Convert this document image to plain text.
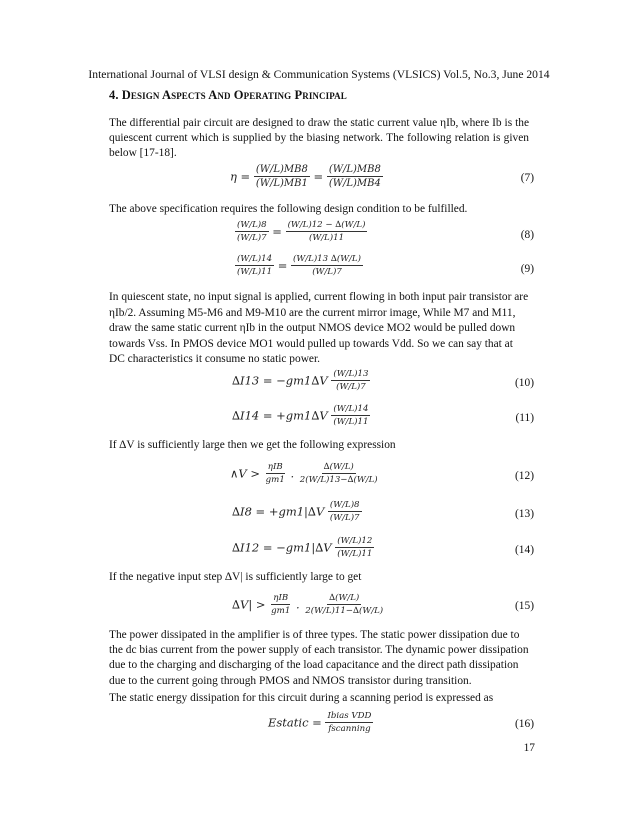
International Journal of VLSI design & Communication Systems (VLSICS) Vol.5, No.3, June 2014
4. Design Aspects And Operating Principal

The differential pair circuit are designed to draw the static current value ηIb, where Ib is the quiescent current which is supplied by the biasing network. The following relation is given below [17-18].

$\eta = \frac{(W/L)MB8}{(W/L)MB1} = \frac{(W/L)MB8}{(W/L)MB4}$	(7)

The above specification requires the following design condition to be fulfilled.

$\frac{(W/L)8}{(W/L)7} = \frac{(W/L)12 - \Delta(W/L)}{(W/L)11}$	(8)
$\frac{(W/L)14}{(W/L)11} = \frac{(W/L)13 \Delta(W/L)}{(W/L)7}$	(9)

In quiescent state, no input signal is applied, current flowing in both input pair transistor are ηIb/2. Assuming M5-M6 and M9-M10 are the current mirror image, While M7 and M11, draw the same static current ηIb in the output NMOS device MO2 would be pulled down towards Vss. In PMOS device MO1 would pulled up towards Vdd. So we can say that at DC characteristics it consume no static power.

$\Delta I13 = -gm1\Delta V \frac{(W/L)13}{(W/L)7}$	(10)
$\Delta I14 = +gm1\Delta V \frac{(W/L)14}{(W/L)11}$	(11)

If ∆V is sufficiently large then we get the following expression

∧V > $\frac{\text{ηIB}}{gm1}$ . $\frac{\Delta(W/L)}{2(W/L)13-\Delta(W/L)}$	(12)
$\Delta I8 = +gm1|\Delta V \frac{(W/L)8}{(W/L)7}$	(13)
$\Delta I12 = -gm1|\Delta V \frac{(W/L)12}{(W/L)11}$	(14)

If the negative input step ∆V| is sufficiently large to get

$\Delta V| > \frac{\text{ηIB}}{gm1}$ . $\frac{\Delta(W/L)}{2(W/L)11-\Delta(W/L)}$	(15)

The power dissipated in the amplifier is of three types. The static power dissipation due to the dc bias current from the power supply of each transistor. The dynamic power dissipation due to the charging and discharging of the load capacitance and the direct path dissipation due to the current going through PMOS and NMOS transistor during transition.

The static energy dissipation for this circuit during a scanning period is expressed as

Estatic = $\frac{\text{Ibias VDD}}{\text{fscanning}}$	(16)
17
